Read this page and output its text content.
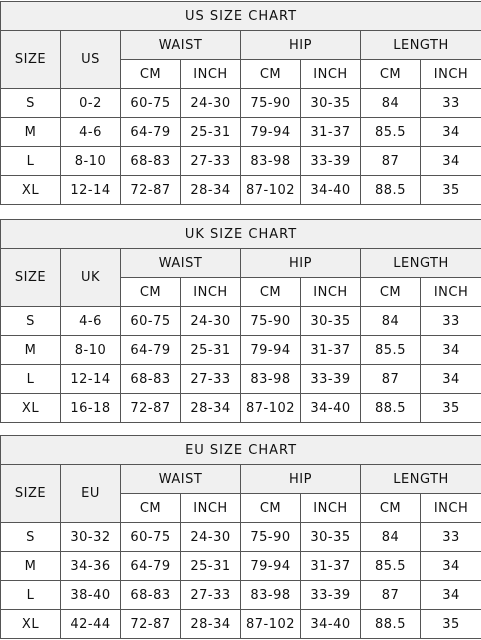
US SIZE CHART							
SIZE	US	WAIST		HIP		LENGTH	
		CM	INCH	CM	INCH	CM	INCH
S	0-2	60-75	24-30	75-90	30-35	84	33
M	4-6	64-79	25-31	79-94	31-37	85.5	34
L	8-10	68-83	27-33	83-98	33-39	87	34
XL	12-14	72-87	28-34	87-102	34-40	88.5	35
UK SIZE CHART							
SIZE	UK	WAIST		HIP		LENGTH	
		CM	INCH	CM	INCH	CM	INCH
S	4-6	60-75	24-30	75-90	30-35	84	33
M	8-10	64-79	25-31	79-94	31-37	85.5	34
L	12-14	68-83	27-33	83-98	33-39	87	34
XL	16-18	72-87	28-34	87-102	34-40	88.5	35
EU SIZE CHART							
SIZE	EU	WAIST		HIP		LENGTH	
		CM	INCH	CM	INCH	CM	INCH
S	30-32	60-75	24-30	75-90	30-35	84	33
M	34-36	64-79	25-31	79-94	31-37	85.5	34
L	38-40	68-83	27-33	83-98	33-39	87	34
XL	42-44	72-87	28-34	87-102	34-40	88.5	35
